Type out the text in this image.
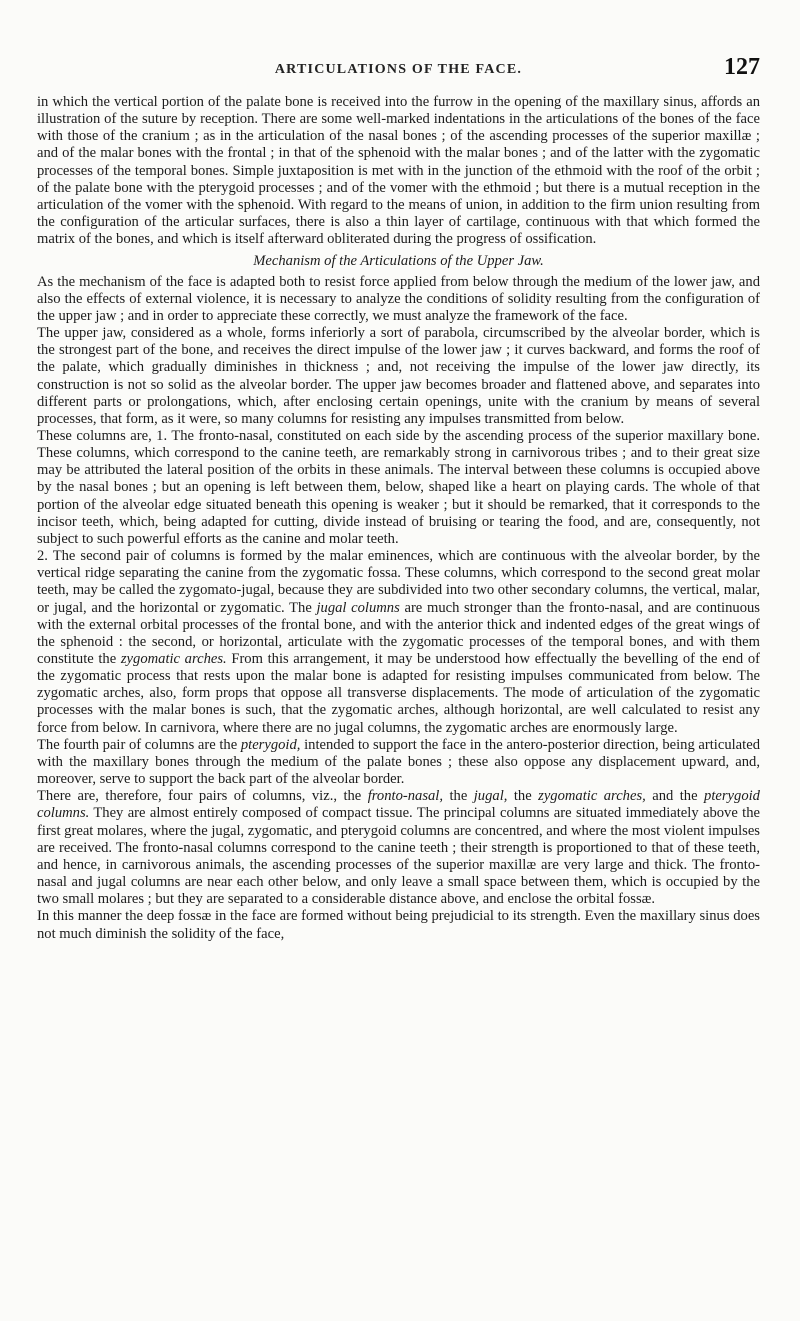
ARTICULATIONS OF THE FACE.	127

in which the vertical portion of the palate bone is received into the furrow in the opening of the maxillary sinus, affords an illustration of the suture by reception. There are some well-marked indentations in the articulations of the bones of the face with those of the cranium ; as in the articulation of the nasal bones ; of the ascending processes of the superior maxillæ ; and of the malar bones with the frontal ; in that of the sphenoid with the malar bones ; and of the latter with the zygomatic processes of the temporal bones. Simple juxtaposition is met with in the junction of the ethmoid with the roof of the orbit ; of the palate bone with the pterygoid processes ; and of the vomer with the ethmoid ; but there is a mutual reception in the articulation of the vomer with the sphenoid. With regard to the means of union, in addition to the firm union resulting from the configuration of the articular surfaces, there is also a thin layer of cartilage, continuous with that which formed the matrix of the bones, and which is itself afterward obliterated during the progress of ossification.

Mechanism of the Articulations of the Upper Jaw.

As the mechanism of the face is adapted both to resist force applied from below through the medium of the lower jaw, and also the effects of external violence, it is necessary to analyze the conditions of solidity resulting from the configuration of the upper jaw ; and in order to appreciate these correctly, we must analyze the framework of the face.

The upper jaw, considered as a whole, forms inferiorly a sort of parabola, circumscribed by the alveolar border, which is the strongest part of the bone, and receives the direct impulse of the lower jaw ; it curves backward, and forms the roof of the palate, which gradually diminishes in thickness ; and, not receiving the impulse of the lower jaw directly, its construction is not so solid as the alveolar border. The upper jaw becomes broader and flattened above, and separates into different parts or prolongations, which, after enclosing certain openings, unite with the cranium by means of several processes, that form, as it were, so many columns for resisting any impulses transmitted from below.

These columns are, 1. The fronto-nasal, constituted on each side by the ascending process of the superior maxillary bone. These columns, which correspond to the canine teeth, are remarkably strong in carnivorous tribes ; and to their great size may be attributed the lateral position of the orbits in these animals. The interval between these columns is occupied above by the nasal bones ; but an opening is left between them, below, shaped like a heart on playing cards. The whole of that portion of the alveolar edge situated beneath this opening is weaker ; but it should be remarked, that it corresponds to the incisor teeth, which, being adapted for cutting, divide instead of bruising or tearing the food, and are, consequently, not subject to such powerful efforts as the canine and molar teeth.

2. The second pair of columns is formed by the malar eminences, which are continuous with the alveolar border, by the vertical ridge separating the canine from the zygomatic fossa. These columns, which correspond to the second great molar teeth, may be called the zygomato-jugal, because they are subdivided into two other secondary columns, the vertical, malar, or jugal, and the horizontal or zygomatic. The jugal columns are much stronger than the fronto-nasal, and are continuous with the external orbital processes of the frontal bone, and with the anterior thick and indented edges of the great wings of the sphenoid : the second, or horizontal, articulate with the zygomatic processes of the temporal bones, and with them constitute the zygomatic arches. From this arrangement, it may be understood how effectually the bevelling of the end of the zygomatic process that rests upon the malar bone is adapted for resisting impulses communicated from below. The zygomatic arches, also, form props that oppose all transverse displacements. The mode of articulation of the zygomatic processes with the malar bones is such, that the zygomatic arches, although horizontal, are well calculated to resist any force from below. In carnivora, where there are no jugal columns, the zygomatic arches are enormously large.

The fourth pair of columns are the pterygoid, intended to support the face in the antero-posterior direction, being articulated with the maxillary bones through the medium of the palate bones ; these also oppose any displacement upward, and, moreover, serve to support the back part of the alveolar border.

There are, therefore, four pairs of columns, viz., the fronto-nasal, the jugal, the zygomatic arches, and the pterygoid columns. They are almost entirely composed of compact tissue. The principal columns are situated immediately above the first great molares, where the jugal, zygomatic, and pterygoid columns are concentred, and where the most violent impulses are received. The fronto-nasal columns correspond to the canine teeth ; their strength is proportioned to that of these teeth, and hence, in carnivorous animals, the ascending processes of the superior maxillæ are very large and thick. The fronto-nasal and jugal columns are near each other below, and only leave a small space between them, which is occupied by the two small molares ; but they are separated to a considerable distance above, and enclose the orbital fossæ.

In this manner the deep fossæ in the face are formed without being prejudicial to its strength. Even the maxillary sinus does not much diminish the solidity of the face,
